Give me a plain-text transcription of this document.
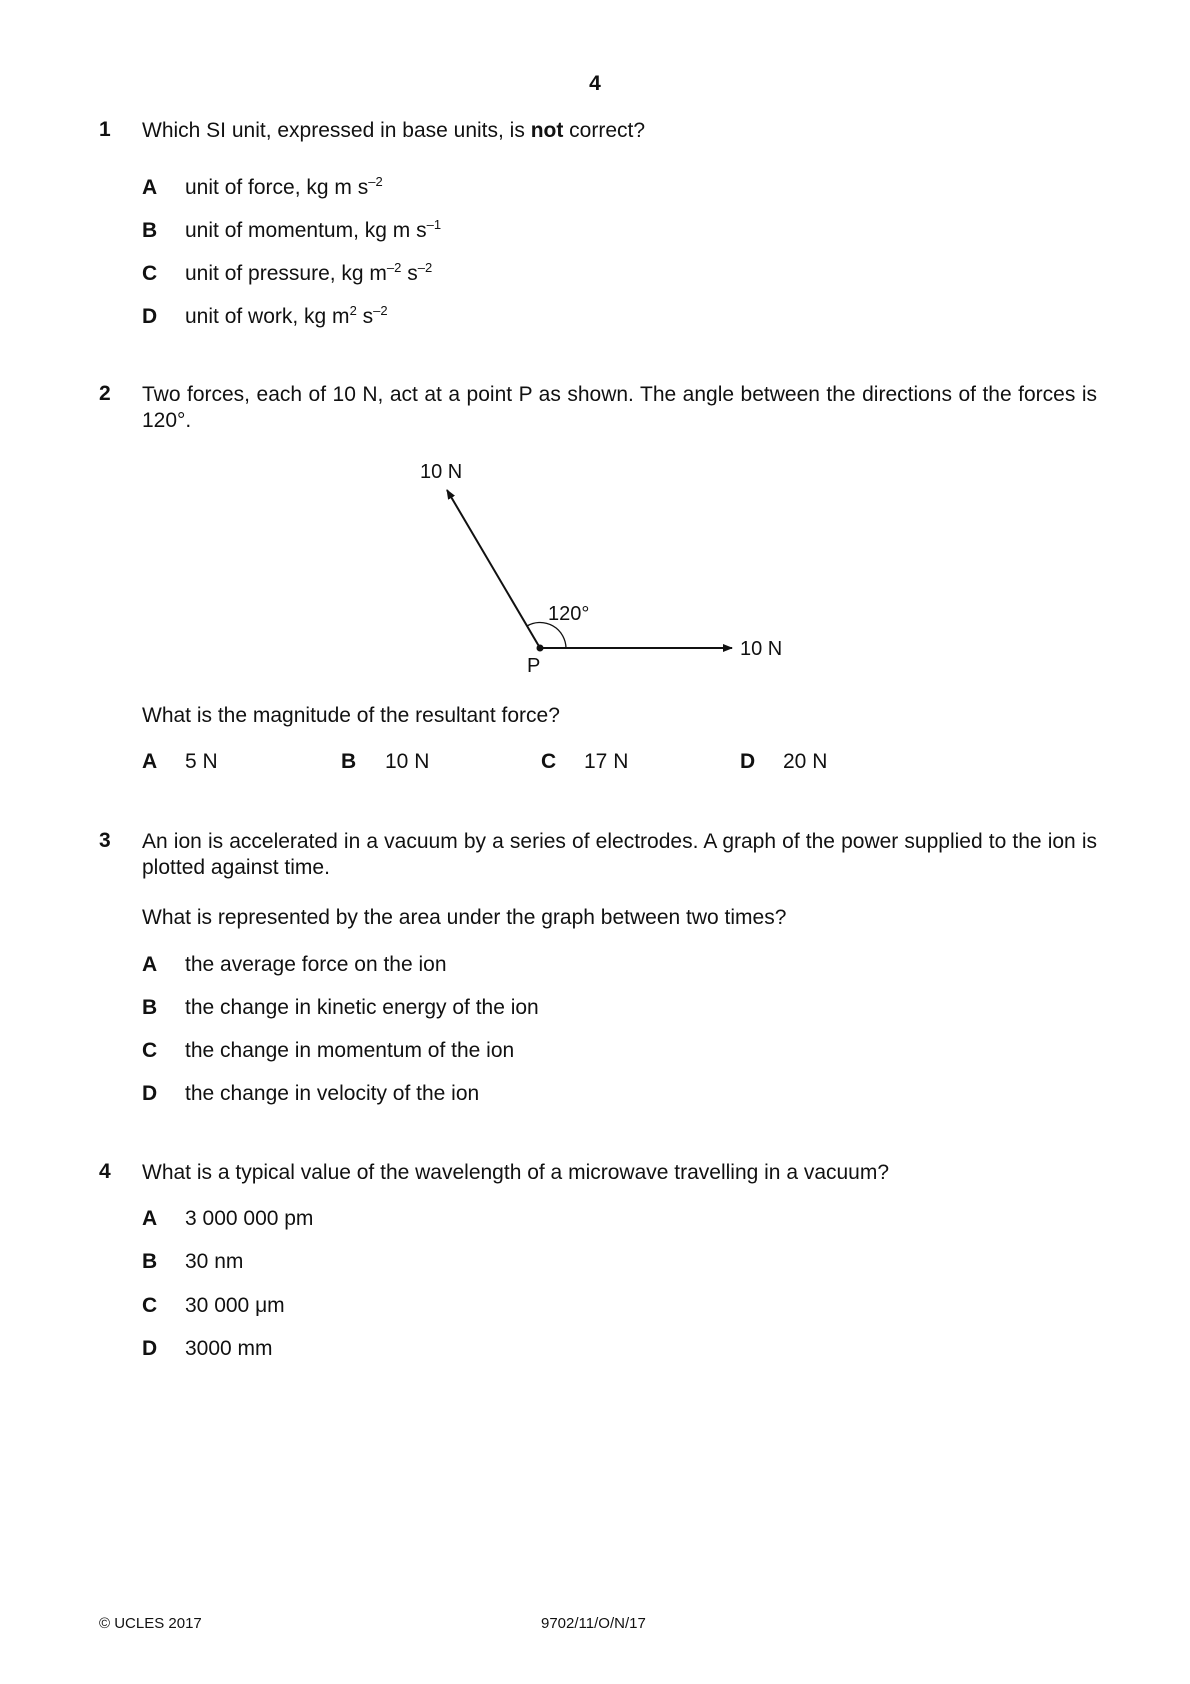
4
1 Which SI unit, expressed in base units, is not correct?
A unit of force, kg m $s^{-2}$
B unit of momentum, kg m $s^{-1}$
C unit of pressure, kg $m^{-2}$ $s^{-2}$
D unit of work, kg $m^2$ $s^{-2}$
2 Two forces, each of 10 N, act at a point P as shown. The angle between the directions of the forces is 120°.
10 N
10 N
120°
P
What is the magnitude of the resultant force?
A 5 N	B 10 N	C 17 N	D 20 N
3 An ion is accelerated in a vacuum by a series of electrodes. A graph of the power supplied to the ion is plotted against time.
What is represented by the area under the graph between two times?
A the average force on the ion
B the change in kinetic energy of the ion
C the change in momentum of the ion
D the change in velocity of the ion
4 What is a typical value of the wavelength of a microwave travelling in a vacuum?
A 3 000 000 pm
B 30 nm
C 30 000 μm
D 3000 mm
© UCLES 2017	9702/11/O/N/17
